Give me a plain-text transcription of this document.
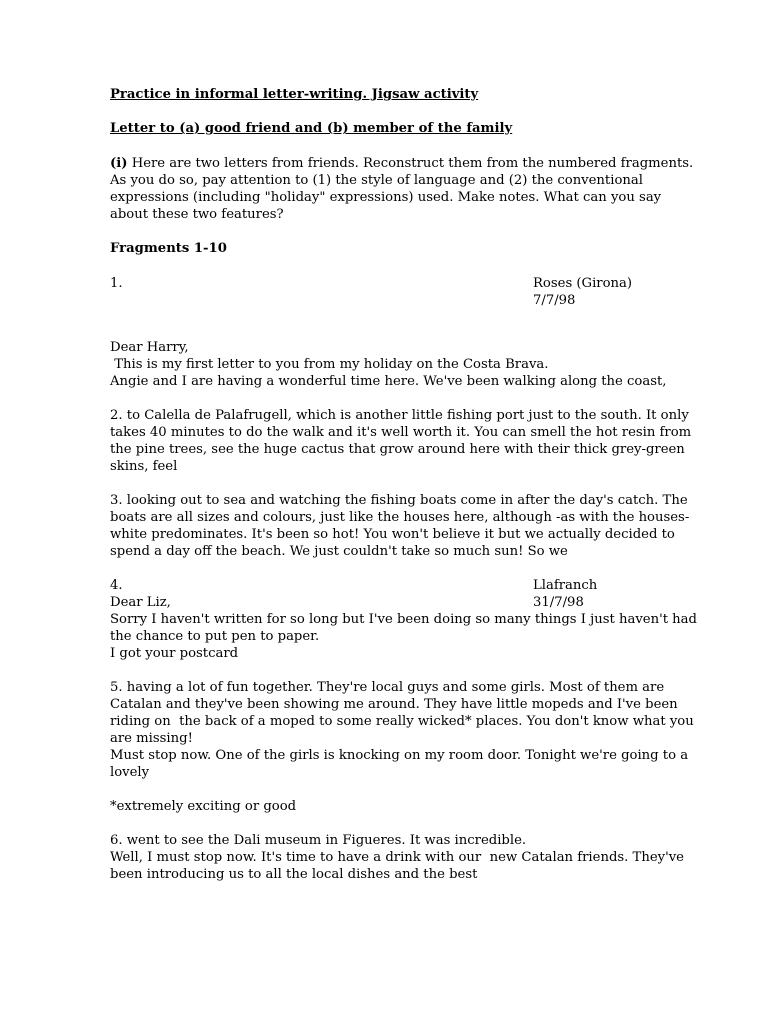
Practice in informal letter-writing. Jigsaw activity

Letter to (a) good friend and (b) member of the family

(i) Here are two letters from friends. Reconstruct them from the numbered fragments. As you do so, pay attention to (1) the style of language and (2) the conventional expressions (including "holiday" expressions) used. Make notes. What can you say about these two features?

Fragments 1-10

1.	Roses (Girona)
7/7/98

Dear Harry,

This is my first letter to you from my holiday on the Costa Brava.

Angie and I are having a wonderful time here. We've been walking along the coast,

2. to Calella de Palafrugell, which is another little fishing port just to the south. It only takes 40 minutes to do the walk and it's well worth it. You can smell the hot resin from the pine trees, see the huge cactus that grow around here with their thick grey-green skins, feel

3. looking out to sea and watching the fishing boats come in after the day's catch. The boats are all sizes and colours, just like the houses here, although -as with the houses- white predominates. It's been so hot! You won't believe it but we actually decided to spend a day off the beach. We just couldn't take so much sun! So we

4.	Llafranch
31/7/98

Dear Liz,

Sorry I haven't written for so long but I've been doing so many things I just haven't had the chance to put pen to paper.

I got your postcard

5. having a lot of fun together. They're local guys and some girls. Most of them are Catalan and they've been showing me around. They have little mopeds and I've been riding on  the back of a moped to some really wicked* places. You don't know what you are missing!

Must stop now. One of the girls is knocking on my room door. Tonight we're going to a lovely

*extremely exciting or good

6. went to see the Dali museum in Figueres. It was incredible.

Well, I must stop now. It's time to have a drink with our  new Catalan friends. They've been introducing us to all the local dishes and the best
